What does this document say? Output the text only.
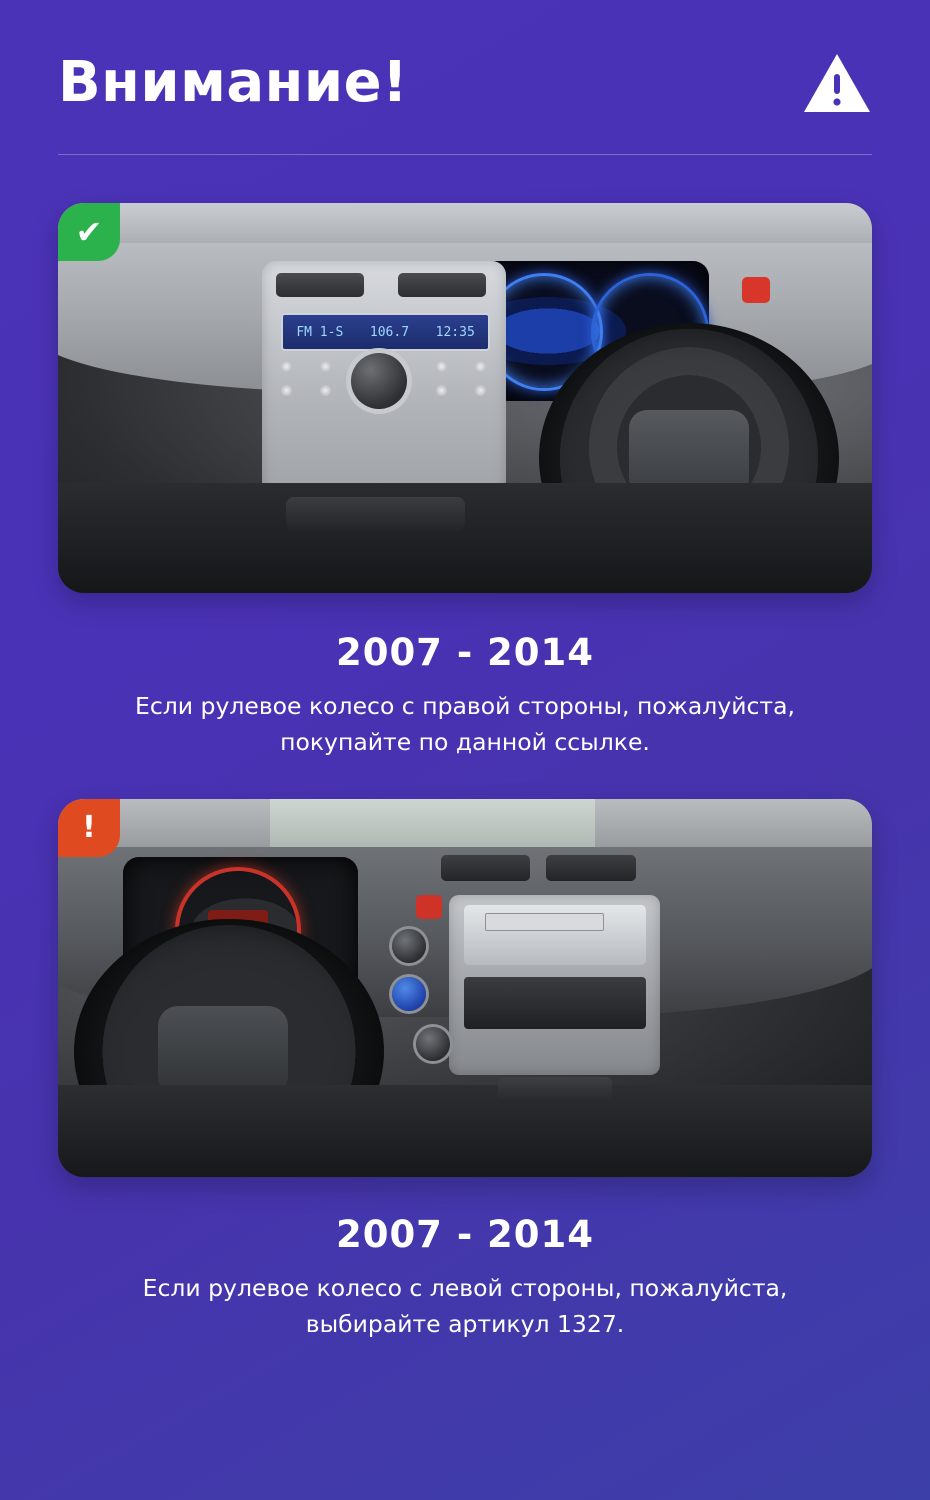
Внимание!
✔
FM 1-S 106.7 12:35
2007 - 2014
Если рулевое колесо с правой стороны, пожалуйста, покупайте по данной ссылке.
!
2007 - 2014
Если рулевое колесо с левой стороны, пожалуйста, выбирайте артикул 1327.
